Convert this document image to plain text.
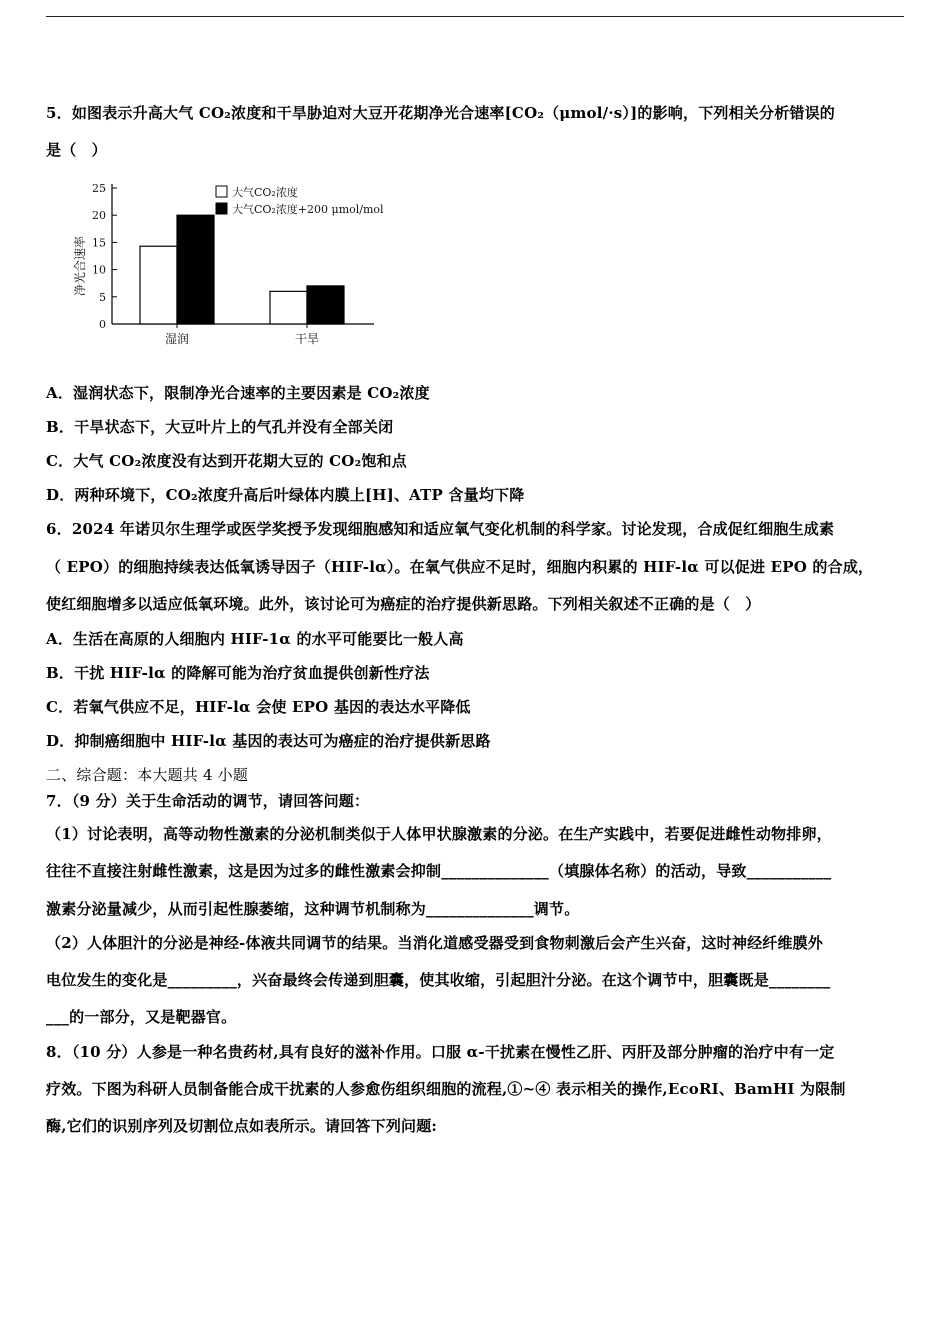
5．如图表示升高大气 CO₂浓度和干旱胁迫对大豆开花期净光合速率[CO₂（μmol/·s）]的影响，下列相关分析错误的
是（　）
净光合速率
0
5
10
15
20
25
湿润	干旱
大气CO₂浓度
大气CO₂浓度+200 μmol/mol
A．湿润状态下，限制净光合速率的主要因素是 CO₂浓度
B．干旱状态下，大豆叶片上的气孔并没有全部关闭
C．大气 CO₂浓度没有达到开花期大豆的 CO₂饱和点
D．两种环境下，CO₂浓度升高后叶绿体内膜上[H]、ATP 含量均下降
6．2024 年诺贝尔生理学或医学奖授予发现细胞感知和适应氧气变化机制的科学家。讨论发现，合成促红细胞生成素
（ EPO）的细胞持续表达低氧诱导因子（HIF-lα）。在氧气供应不足时，细胞内积累的 HIF-lα 可以促进 EPO 的合成，
使红细胞增多以适应低氧环境。此外，该讨论可为癌症的治疗提供新思路。下列相关叙述不正确的是（　）
A．生活在高原的人细胞内 HIF-1α 的水平可能要比一般人高
B．干扰 HIF-lα 的降解可能为治疗贫血提供创新性疗法
C．若氧气供应不足，HIF-lα 会使 EPO 基因的表达水平降低
D．抑制癌细胞中 HIF-lα 基因的表达可为癌症的治疗提供新思路
二、综合题：本大题共 4 小题
7．（9 分）关于生命活动的调节，请回答问题：
（1）讨论表明，高等动物性激素的分泌机制类似于人体甲状腺激素的分泌。在生产实践中，若要促进雌性动物排卵，
往往不直接注射雌性激素，这是因为过多的雌性激素会抑制______________（填腺体名称）的活动，导致___________
激素分泌量减少，从而引起性腺萎缩，这种调节机制称为______________调节。
（2）人体胆汁的分泌是神经-体液共同调节的结果。当消化道感受器受到食物刺激后会产生兴奋，这时神经纤维膜外
电位发生的变化是_________，兴奋最终会传递到胆囊，使其收缩，引起胆汁分泌。在这个调节中，胆囊既是________
___的一部分，又是靶器官。
8．（10 分）人参是一种名贵药材,具有良好的滋补作用。口服 α-干扰素在慢性乙肝、丙肝及部分肿瘤的治疗中有一定
疗效。下图为科研人员制备能合成干扰素的人参愈伤组织细胞的流程,①~④ 表示相关的操作,EcoRI、BamHI 为限制
酶,它们的识别序列及切割位点如表所示。请回答下列问题:
